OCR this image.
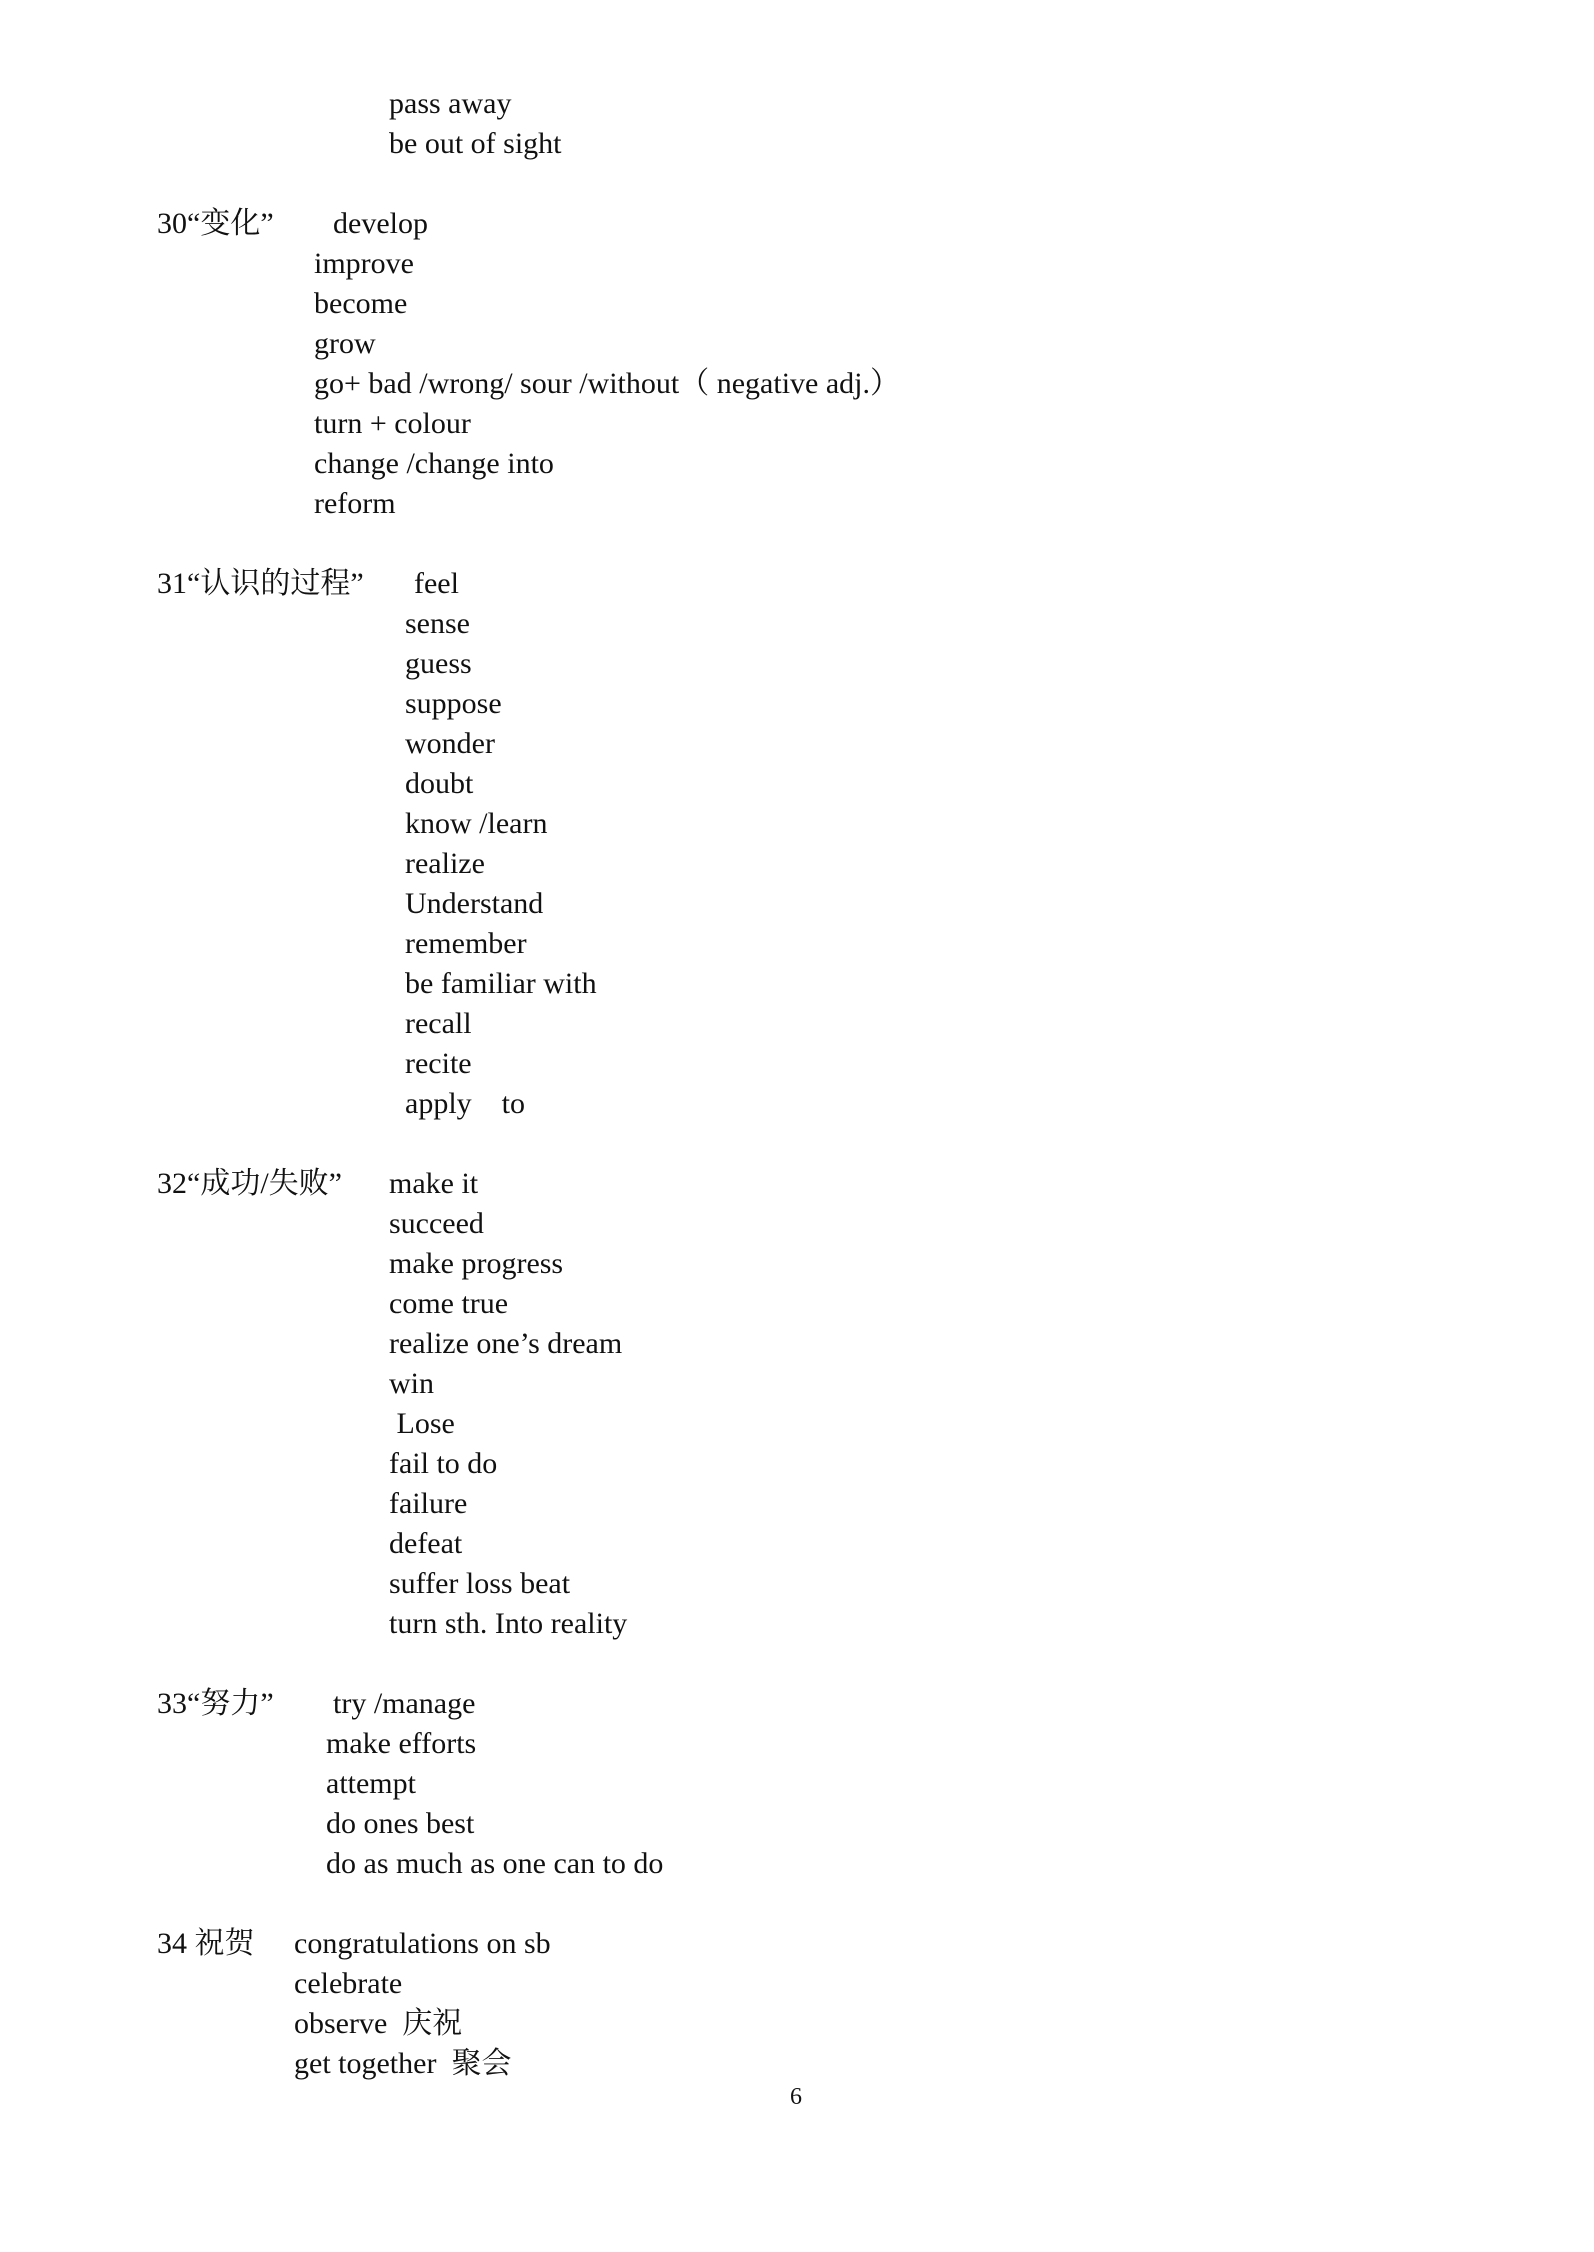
pass away
be out of sight
30“变化” develop
improve
become
grow
go+ bad /wrong/ sour /without（ negative adj.）
turn + colour
change /change into
reform
31“认识的过程” feel
sense
guess
suppose
wonder
doubt
know /learn
realize
Understand
remember
be familiar with
recall
recite
apply    to
32“成功/失败” make it
succeed
make progress
come true
realize one’s dream
win
Lose
fail to do
failure
defeat
suffer loss beat
turn sth. Into reality
33“努力” try /manage
make efforts
attempt
do ones best
do as much as one can to do
34 祝贺 congratulations on sb
celebrate
observe  庆祝
get together  聚会
6
